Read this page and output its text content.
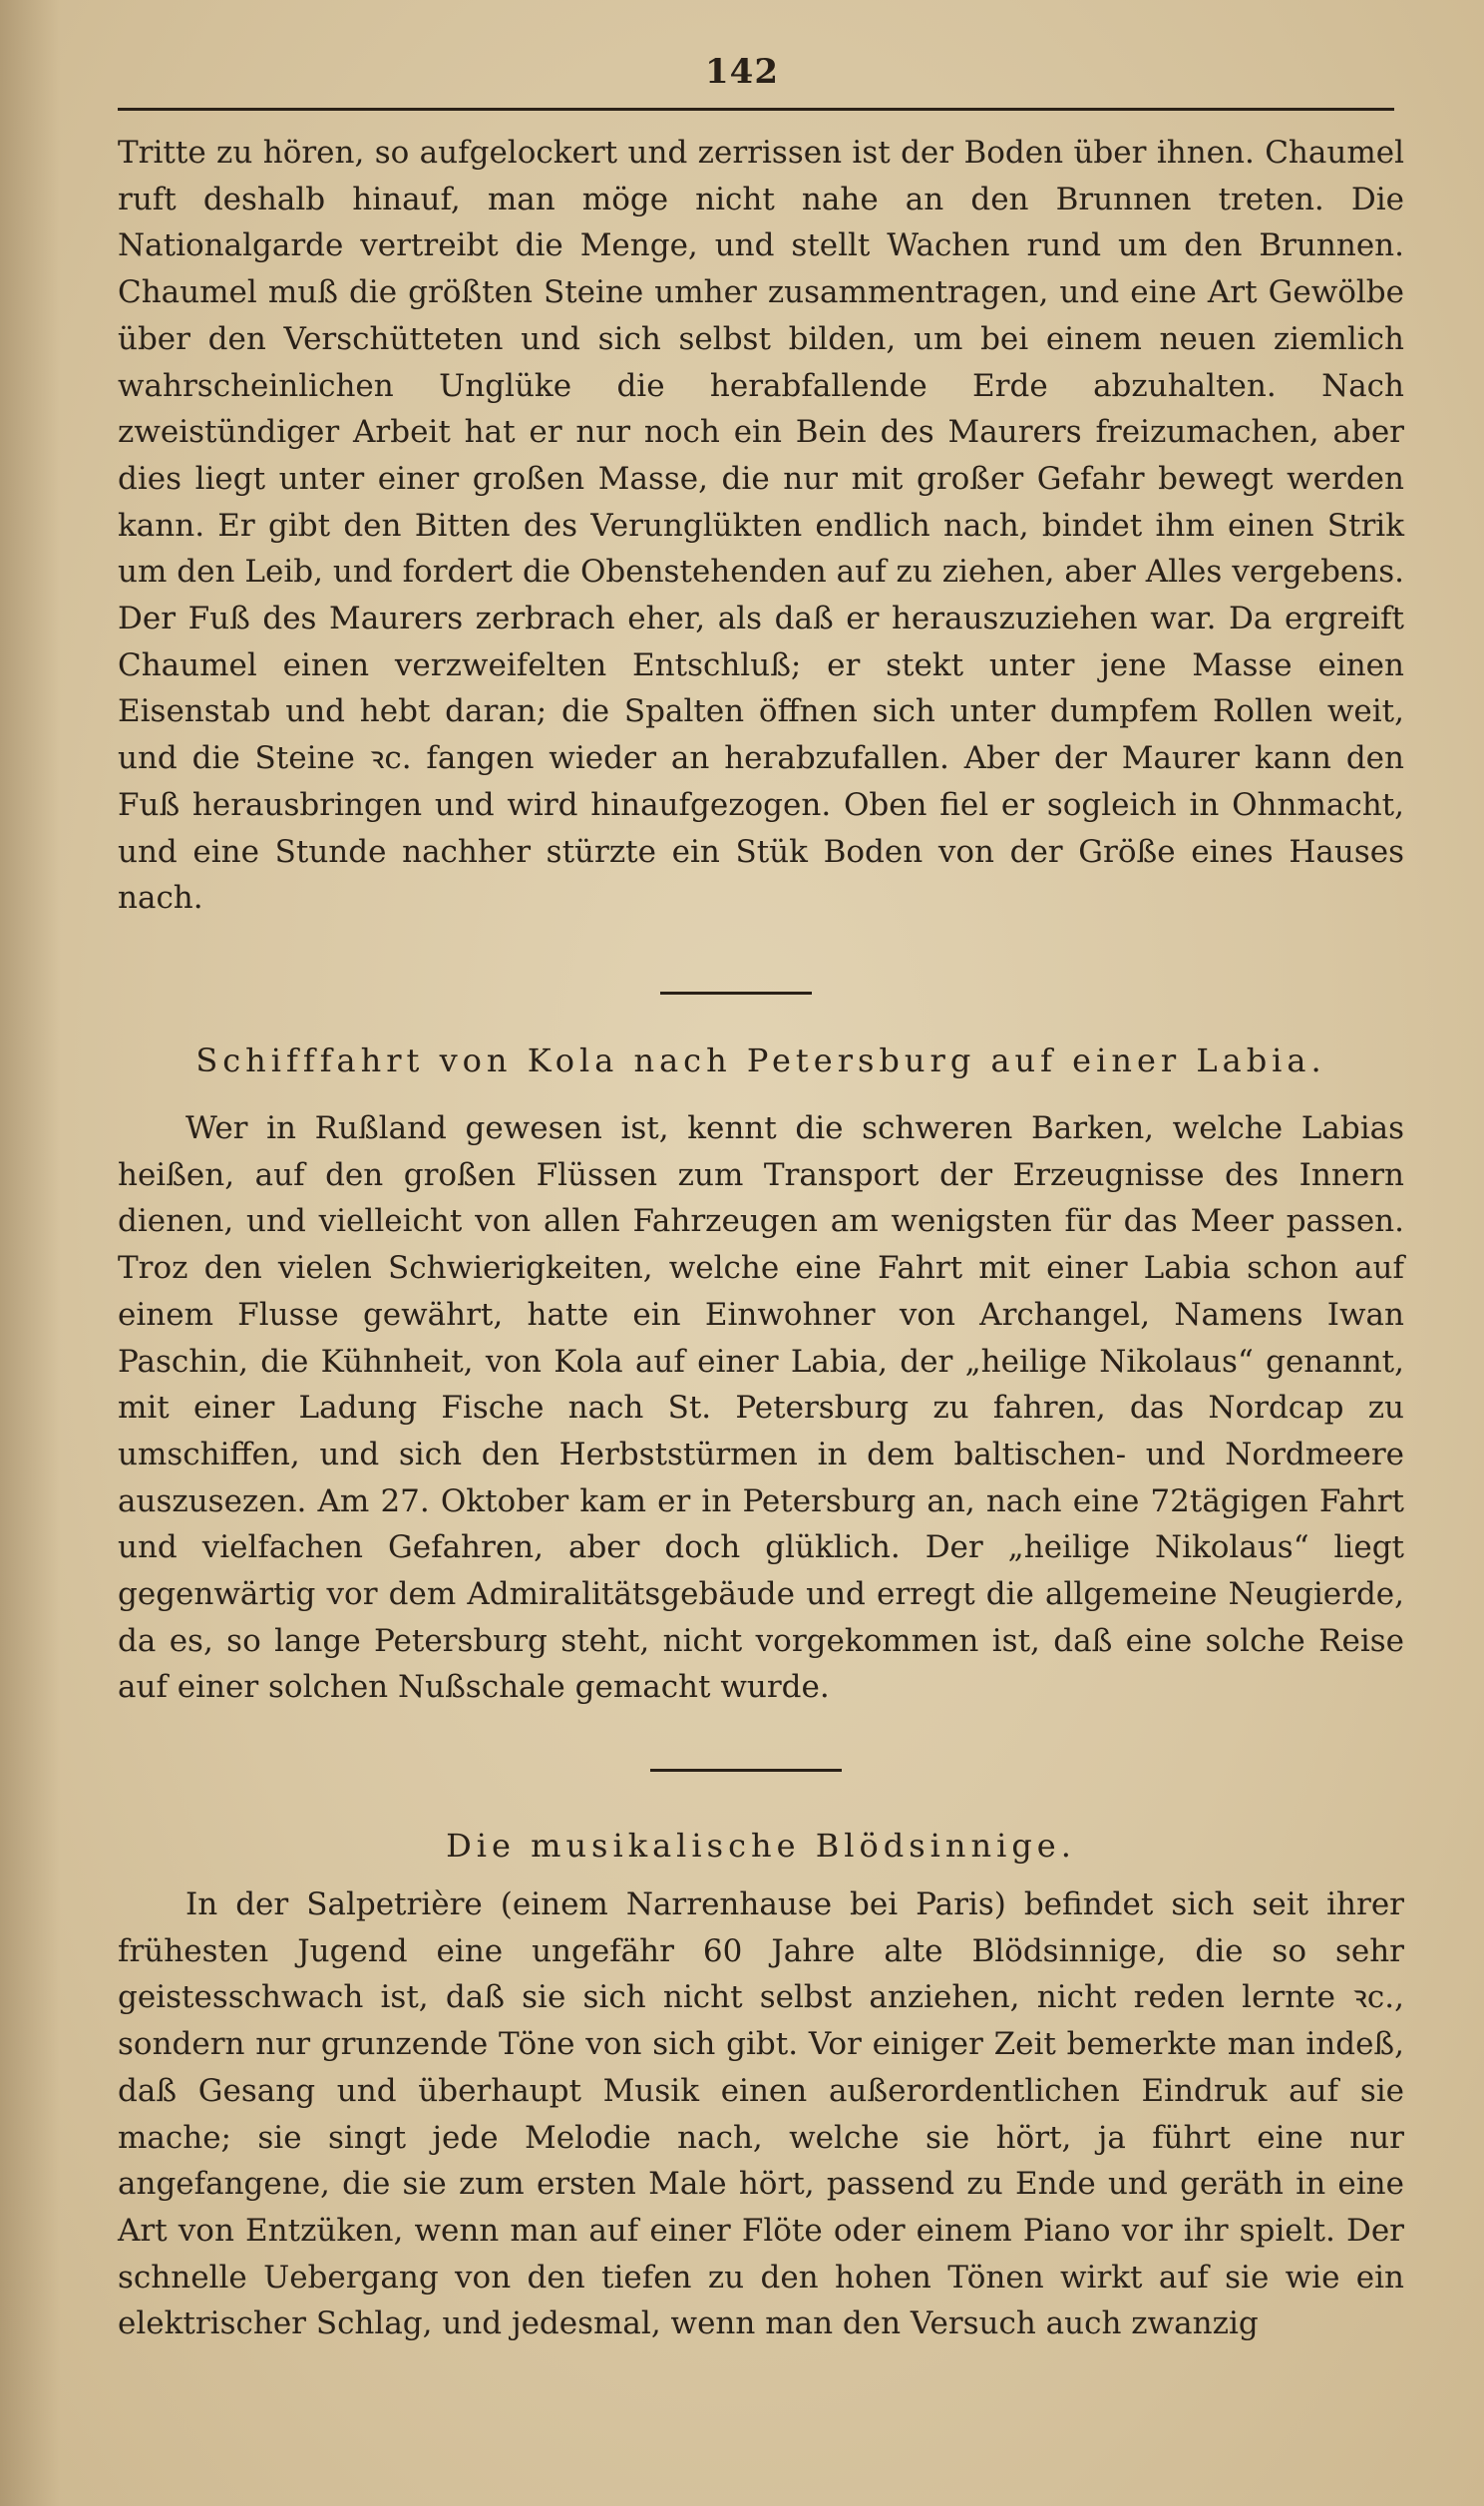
142

Tritte zu hören, so aufgelockert und zerrissen ist der Boden über ihnen. Chaumel ruft deshalb hinauf, man möge nicht nahe an den Brunnen treten. Die Nationalgarde vertreibt die Menge, und stellt Wachen rund um den Brunnen. Chaumel muß die größten Steine umher zusammentragen, und eine Art Gewölbe über den Verschütteten und sich selbst bilden, um bei einem neuen ziemlich wahrscheinlichen Unglüke die herabfallende Erde abzuhalten. Nach zweistündiger Arbeit hat er nur noch ein Bein des Maurers freizumachen, aber dies liegt unter einer großen Masse, die nur mit großer Gefahr bewegt werden kann. Er gibt den Bitten des Verunglükten endlich nach, bindet ihm einen Strik um den Leib, und fordert die Obenstehenden auf zu ziehen, aber Alles vergebens. Der Fuß des Maurers zerbrach eher, als daß er herauszuziehen war. Da ergreift Chaumel einen verzweifelten Entschluß; er stekt unter jene Masse einen Eisenstab und hebt daran; die Spalten öffnen sich unter dumpfem Rollen weit, und die Steine ꝛc. fangen wieder an herabzufallen. Aber der Maurer kann den Fuß herausbringen und wird hinaufgezogen. Oben fiel er sogleich in Ohnmacht, und eine Stunde nachher stürzte ein Stük Boden von der Größe eines Hauses nach.

Schifffahrt von Kola nach Petersburg auf einer Labia.

Wer in Rußland gewesen ist, kennt die schweren Barken, welche Labias heißen, auf den großen Flüssen zum Transport der Erzeugnisse des Innern dienen, und vielleicht von allen Fahrzeugen am wenigsten für das Meer passen. Troz den vielen Schwierigkeiten, welche eine Fahrt mit einer Labia schon auf einem Flusse gewährt, hatte ein Einwohner von Archangel, Namens Iwan Paschin, die Kühnheit, von Kola auf einer Labia, der „heilige Nikolaus“ genannt, mit einer Ladung Fische nach St. Petersburg zu fahren, das Nordcap zu umschiffen, und sich den Herbststürmen in dem baltischen- und Nordmeere auszusezen. Am 27. Oktober kam er in Petersburg an, nach eine 72tägigen Fahrt und vielfachen Gefahren, aber doch glüklich. Der „heilige Nikolaus“ liegt gegenwärtig vor dem Admiralitätsgebäude und erregt die allgemeine Neugierde, da es, so lange Petersburg steht, nicht vorgekommen ist, daß eine solche Reise auf einer solchen Nußschale gemacht wurde.

Die musikalische Blödsinnige.

In der Salpetrière (einem Narrenhause bei Paris) befindet sich seit ihrer frühesten Jugend eine ungefähr 60 Jahre alte Blödsinnige, die so sehr geistesschwach ist, daß sie sich nicht selbst anziehen, nicht reden lernte ꝛc., sondern nur grunzende Töne von sich gibt. Vor einiger Zeit bemerkte man indeß, daß Gesang und überhaupt Musik einen außerordentlichen Eindruk auf sie mache; sie singt jede Melodie nach, welche sie hört, ja führt eine nur angefangene, die sie zum ersten Male hört, passend zu Ende und geräth in eine Art von Entzüken, wenn man auf einer Flöte oder einem Piano vor ihr spielt. Der schnelle Uebergang von den tiefen zu den hohen Tönen wirkt auf sie wie ein elektrischer Schlag, und jedesmal, wenn man den Versuch auch zwanzig
